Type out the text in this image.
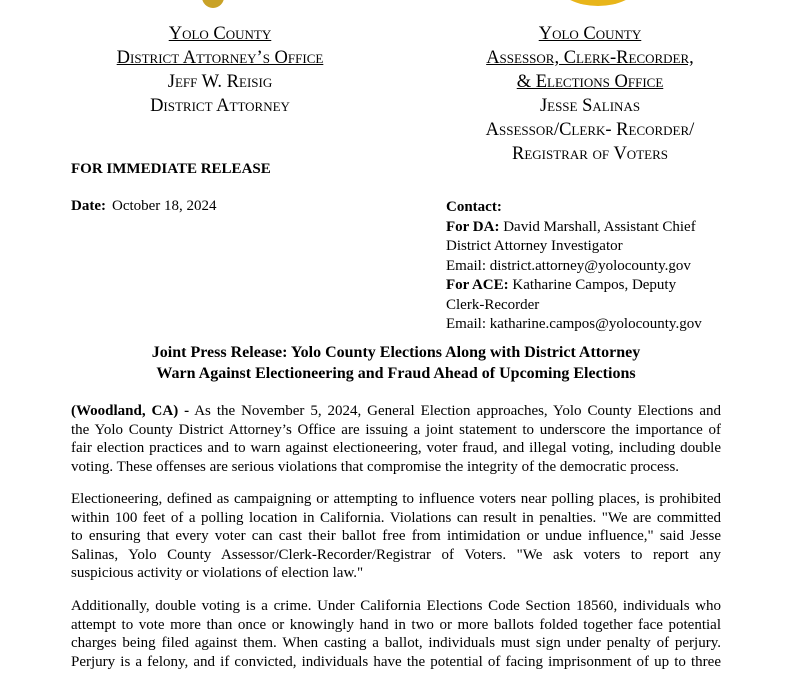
Yolo County
District Attorney’s Office
Jeff W. Reisig
District Attorney
Yolo County
Assessor, Clerk-Recorder,
& Elections Office
Jesse Salinas
Assessor/Clerk- Recorder/
Registrar of Voters
FOR IMMEDIATE RELEASE
Date: October 18, 2024	Contact:
For DA: David Marshall, Assistant Chief
District Attorney Investigator
Email: district.attorney@yolocounty.gov
For ACE: Katharine Campos, Deputy
Clerk-Recorder
Email: katharine.campos@yolocounty.gov
Joint Press Release: Yolo County Elections Along with District Attorney
Warn Against Electioneering and Fraud Ahead of Upcoming Elections
(Woodland, CA) - As the November 5, 2024, General Election approaches, Yolo County Elections and
the Yolo County District Attorney’s Office are issuing a joint statement to underscore the importance of
fair election practices and to warn against electioneering, voter fraud, and illegal voting, including double
voting. These offenses are serious violations that compromise the integrity of the democratic process.
Electioneering, defined as campaigning or attempting to influence voters near polling places, is prohibited
within 100 feet of a polling location in California. Violations can result in penalties. "We are committed
to ensuring that every voter can cast their ballot free from intimidation or undue influence," said Jesse
Salinas, Yolo County Assessor/Clerk-Recorder/Registrar of Voters. "We ask voters to report any
suspicious activity or violations of election law."
Additionally, double voting is a crime. Under California Elections Code Section 18560, individuals who
attempt to vote more than once or knowingly hand in two or more ballots folded together face potential
charges being filed against them. When casting a ballot, individuals must sign under penalty of perjury.
Perjury is a felony, and if convicted, individuals have the potential of facing imprisonment of up to three
